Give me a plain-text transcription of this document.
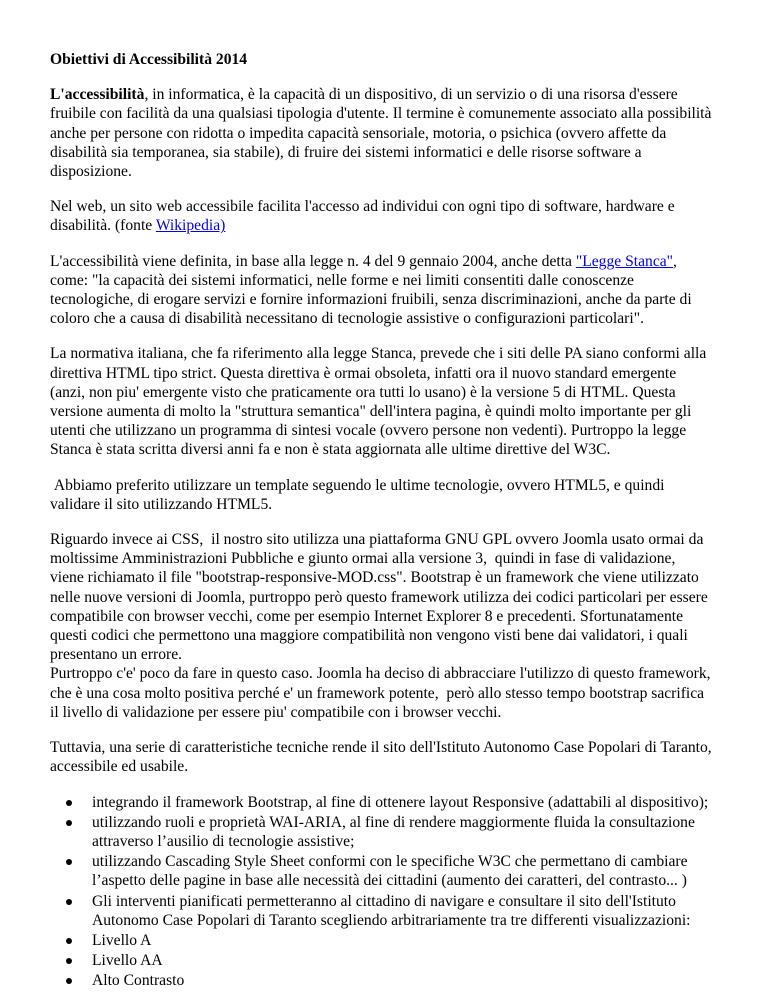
Obiettivi di Accessibilità 2014

L'accessibilità, in informatica, è la capacità di un dispositivo, di un servizio o di una risorsa d'essere fruibile con facilità da una qualsiasi tipologia d'utente. Il termine è comunemente associato alla possibilità anche per persone con ridotta o impedita capacità sensoriale, motoria, o psichica (ovvero affette da disabilità sia temporanea, sia stabile), di fruire dei sistemi informatici e delle risorse software a disposizione.

Nel web, un sito web accessibile facilita l'accesso ad individui con ogni tipo di software, hardware e disabilità. (fonte Wikipedia)

L'accessibilità viene definita, in base alla legge n. 4 del 9 gennaio 2004, anche detta "Legge Stanca", come: "la capacità dei sistemi informatici, nelle forme e nei limiti consentiti dalle conoscenze tecnologiche, di erogare servizi e fornire informazioni fruibili, senza discriminazioni, anche da parte di coloro che a causa di disabilità necessitano di tecnologie assistive o configurazioni particolari".

La normativa italiana, che fa riferimento alla legge Stanca, prevede che i siti delle PA siano conformi alla direttiva HTML tipo strict. Questa direttiva è ormai obsoleta, infatti ora il nuovo standard emergente (anzi, non piu' emergente visto che praticamente ora tutti lo usano) è la versione 5 di HTML. Questa versione aumenta di molto la "struttura semantica" dell'intera pagina, è quindi molto importante per gli utenti che utilizzano un programma di sintesi vocale (ovvero persone non vedenti). Purtroppo la legge Stanca è stata scritta diversi anni fa e non è stata aggiornata alle ultime direttive del W3C.

Abbiamo preferito utilizzare un template seguendo le ultime tecnologie, ovvero HTML5, e quindi validare il sito utilizzando HTML5.

Riguardo invece ai CSS,  il nostro sito utilizza una piattaforma GNU GPL ovvero Joomla usato ormai da moltissime Amministrazioni Pubbliche e giunto ormai alla versione 3,  quindi in fase di validazione, viene richiamato il file "bootstrap-responsive-MOD.css". Bootstrap è un framework che viene utilizzato nelle nuove versioni di Joomla, purtroppo però questo framework utilizza dei codici particolari per essere compatibile con browser vecchi, come per esempio Internet Explorer 8 e precedenti. Sfortunatamente questi codici che permettono una maggiore compatibilità non vengono visti bene dai validatori, i quali presentano un errore.
Purtroppo c'e' poco da fare in questo caso. Joomla ha deciso di abbracciare l'utilizzo di questo framework, che è una cosa molto positiva perché e' un framework potente,  però allo stesso tempo bootstrap sacrifica il livello di validazione per essere piu' compatibile con i browser vecchi.

Tuttavia, una serie di caratteristiche tecniche rende il sito dell'Istituto Autonomo Case Popolari di Taranto, accessibile ed usabile.

integrando il framework Bootstrap, al fine di ottenere layout Responsive (adattabili al dispositivo);
utilizzando ruoli e proprietà WAI-ARIA, al fine di rendere maggiormente fluida la consultazione attraverso l’ausilio di tecnologie assistive;
utilizzando Cascading Style Sheet conformi con le specifiche W3C che permettano di cambiare l’aspetto delle pagine in base alle necessità dei cittadini (aumento dei caratteri, del contrasto... )
Gli interventi pianificati permetteranno al cittadino di navigare e consultare il sito dell'Istituto Autonomo Case Popolari di Taranto scegliendo arbitrariamente tra tre differenti visualizzazioni:
Livello A
Livello AA
Alto Contrasto
